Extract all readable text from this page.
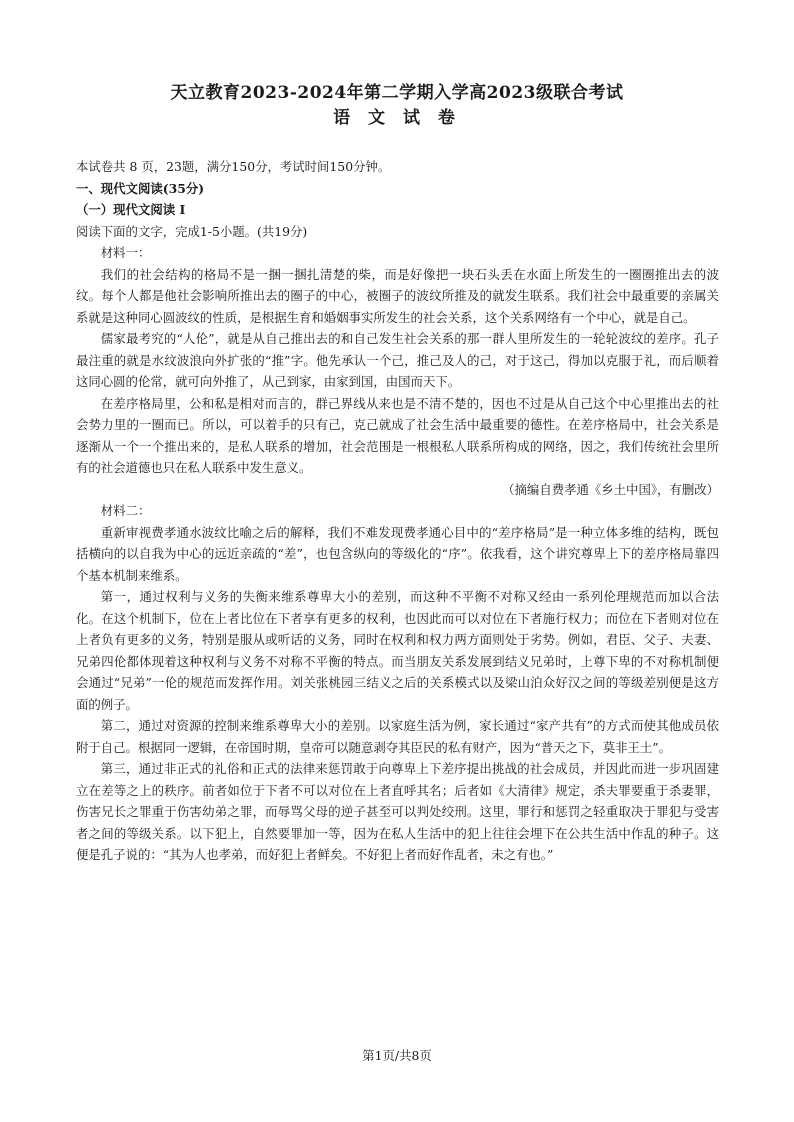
天立教育2023-2024年第二学期入学高2023级联合考试
语 文 试 卷

本试卷共 8 页，23题，满分150分，考试时间150分钟。

一、现代文阅读(35分)

（一）现代文阅读 I

阅读下面的文字，完成1-5小题。(共19分)

材料一：

我们的社会结构的格局不是一捆一捆扎清楚的柴，而是好像把一块石头丢在水面上所发生的一圈圈推出去的波纹。每个人都是他社会影响所推出去的圈子的中心，被圈子的波纹所推及的就发生联系。我们社会中最重要的亲属关系就是这种同心圆波纹的性质，是根据生育和婚姻事实所发生的社会关系，这个关系网络有一个中心，就是自己。

儒家最考究的“人伦”，就是从自己推出去的和自己发生社会关系的那一群人里所发生的一轮轮波纹的差序。孔子最注重的就是水纹波浪向外扩张的“推”字。他先承认一个己，推己及人的己，对于这己，得加以克服于礼，而后顺着这同心圆的伦常，就可向外推了，从己到家，由家到国，由国而天下。

在差序格局里，公和私是相对而言的，群己界线从来也是不清不楚的，因也不过是从自己这个中心里推出去的社会势力里的一圈而已。所以，可以着手的只有己，克己就成了社会生活中最重要的德性。在差序格局中，社会关系是逐渐从一个一个推出来的，是私人联系的增加，社会范围是一根根私人联系所构成的网络，因之，我们传统社会里所有的社会道德也只在私人联系中发生意义。

（摘编自费孝通《乡土中国》，有删改）

材料二：

重新审视费孝通水波纹比喻之后的解释，我们不难发现费孝通心目中的“差序格局”是一种立体多维的结构，既包括横向的以自我为中心的远近亲疏的“差”，也包含纵向的等级化的“序”。依我看，这个讲究尊卑上下的差序格局靠四个基本机制来维系。

第一，通过权利与义务的失衡来维系尊卑大小的差别，而这种不平衡不对称又经由一系列伦理规范而加以合法化。在这个机制下，位在上者比位在下者享有更多的权利，也因此而可以对位在下者施行权力；而位在下者则对位在上者负有更多的义务，特别是服从或听话的义务，同时在权利和权力两方面则处于劣势。例如，君臣、父子、夫妻、兄弟四伦都体现着这种权利与义务不对称不平衡的特点。而当朋友关系发展到结义兄弟时，上尊下卑的不对称机制便会通过“兄弟”一伦的规范而发挥作用。刘关张桃园三结义之后的关系模式以及梁山泊众好汉之间的等级差别便是这方面的例子。

第二，通过对资源的控制来维系尊卑大小的差别。以家庭生活为例，家长通过“家产共有”的方式而使其他成员依附于自己。根据同一逻辑，在帝国时期，皇帝可以随意剥夺其臣民的私有财产，因为“普天之下，莫非王土”。

第三，通过非正式的礼俗和正式的法律来惩罚敢于向尊卑上下差序提出挑战的社会成员，并因此而进一步巩固建立在差等之上的秩序。前者如位于下者不可以对位在上者直呼其名；后者如《大清律》规定，杀夫罪要重于杀妻罪，伤害兄长之罪重于伤害幼弟之罪，而辱骂父母的逆子甚至可以判处绞刑。这里，罪行和惩罚之轻重取决于罪犯与受害者之间的等级关系。以下犯上，自然要罪加一等，因为在私人生活中的犯上往往会埋下在公共生活中作乱的种子。这便是孔子说的：“其为人也孝弟，而好犯上者鲜矣。不好犯上者而好作乱者，未之有也。”

第1页/共8页
